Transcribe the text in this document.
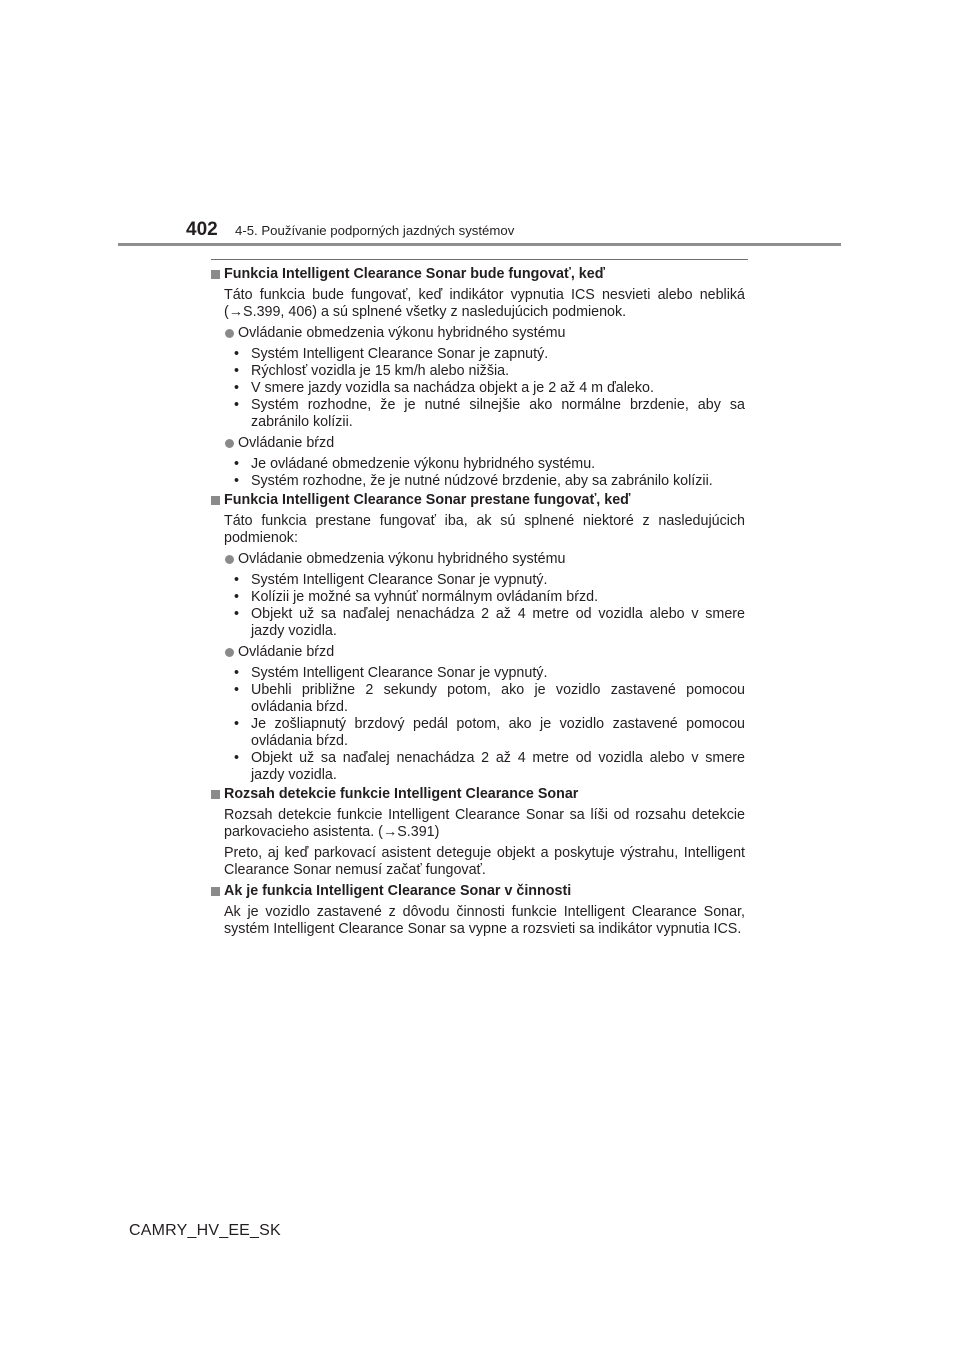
402 4-5. Používanie podporných jazdných systémov
Funkcia Intelligent Clearance Sonar bude fungovať, keď
Táto funkcia bude fungovať, keď indikátor vypnutia ICS nesvieti alebo nebliká (→S.399, 406) a sú splnené všetky z nasledujúcich podmienok.
Ovládanie obmedzenia výkonu hybridného systému
• Systém Intelligent Clearance Sonar je zapnutý.
• Rýchlosť vozidla je 15 km/h alebo nižšia.
• V smere jazdy vozidla sa nachádza objekt a je 2 až 4 m ďaleko.
• Systém rozhodne, že je nutné silnejšie ako normálne brzdenie, aby sa zabránilo kolízii.
Ovládanie bŕzd
• Je ovládané obmedzenie výkonu hybridného systému.
• Systém rozhodne, že je nutné núdzové brzdenie, aby sa zabránilo kolízii.
Funkcia Intelligent Clearance Sonar prestane fungovať, keď
Táto funkcia prestane fungovať iba, ak sú splnené niektoré z nasledujúcich podmienok:
Ovládanie obmedzenia výkonu hybridného systému
• Systém Intelligent Clearance Sonar je vypnutý.
• Kolízii je možné sa vyhnúť normálnym ovládaním bŕzd.
• Objekt už sa naďalej nenachádza 2 až 4 metre od vozidla alebo v smere jazdy vozidla.
Ovládanie bŕzd
• Systém Intelligent Clearance Sonar je vypnutý.
• Ubehli približne 2 sekundy potom, ako je vozidlo zastavené pomocou ovládania bŕzd.
• Je zošliapnutý brzdový pedál potom, ako je vozidlo zastavené pomocou ovládania bŕzd.
• Objekt už sa naďalej nenachádza 2 až 4 metre od vozidla alebo v smere jazdy vozidla.
Rozsah detekcie funkcie Intelligent Clearance Sonar
Rozsah detekcie funkcie Intelligent Clearance Sonar sa líši od rozsahu detekcie parkovacieho asistenta. (→S.391)
Preto, aj keď parkovací asistent deteguje objekt a poskytuje výstrahu, Intelligent Clearance Sonar nemusí začať fungovať.
Ak je funkcia Intelligent Clearance Sonar v činnosti
Ak je vozidlo zastavené z dôvodu činnosti funkcie Intelligent Clearance Sonar, systém Intelligent Clearance Sonar sa vypne a rozsvieti sa indikátor vypnutia ICS.
CAMRY_HV_EE_SK
